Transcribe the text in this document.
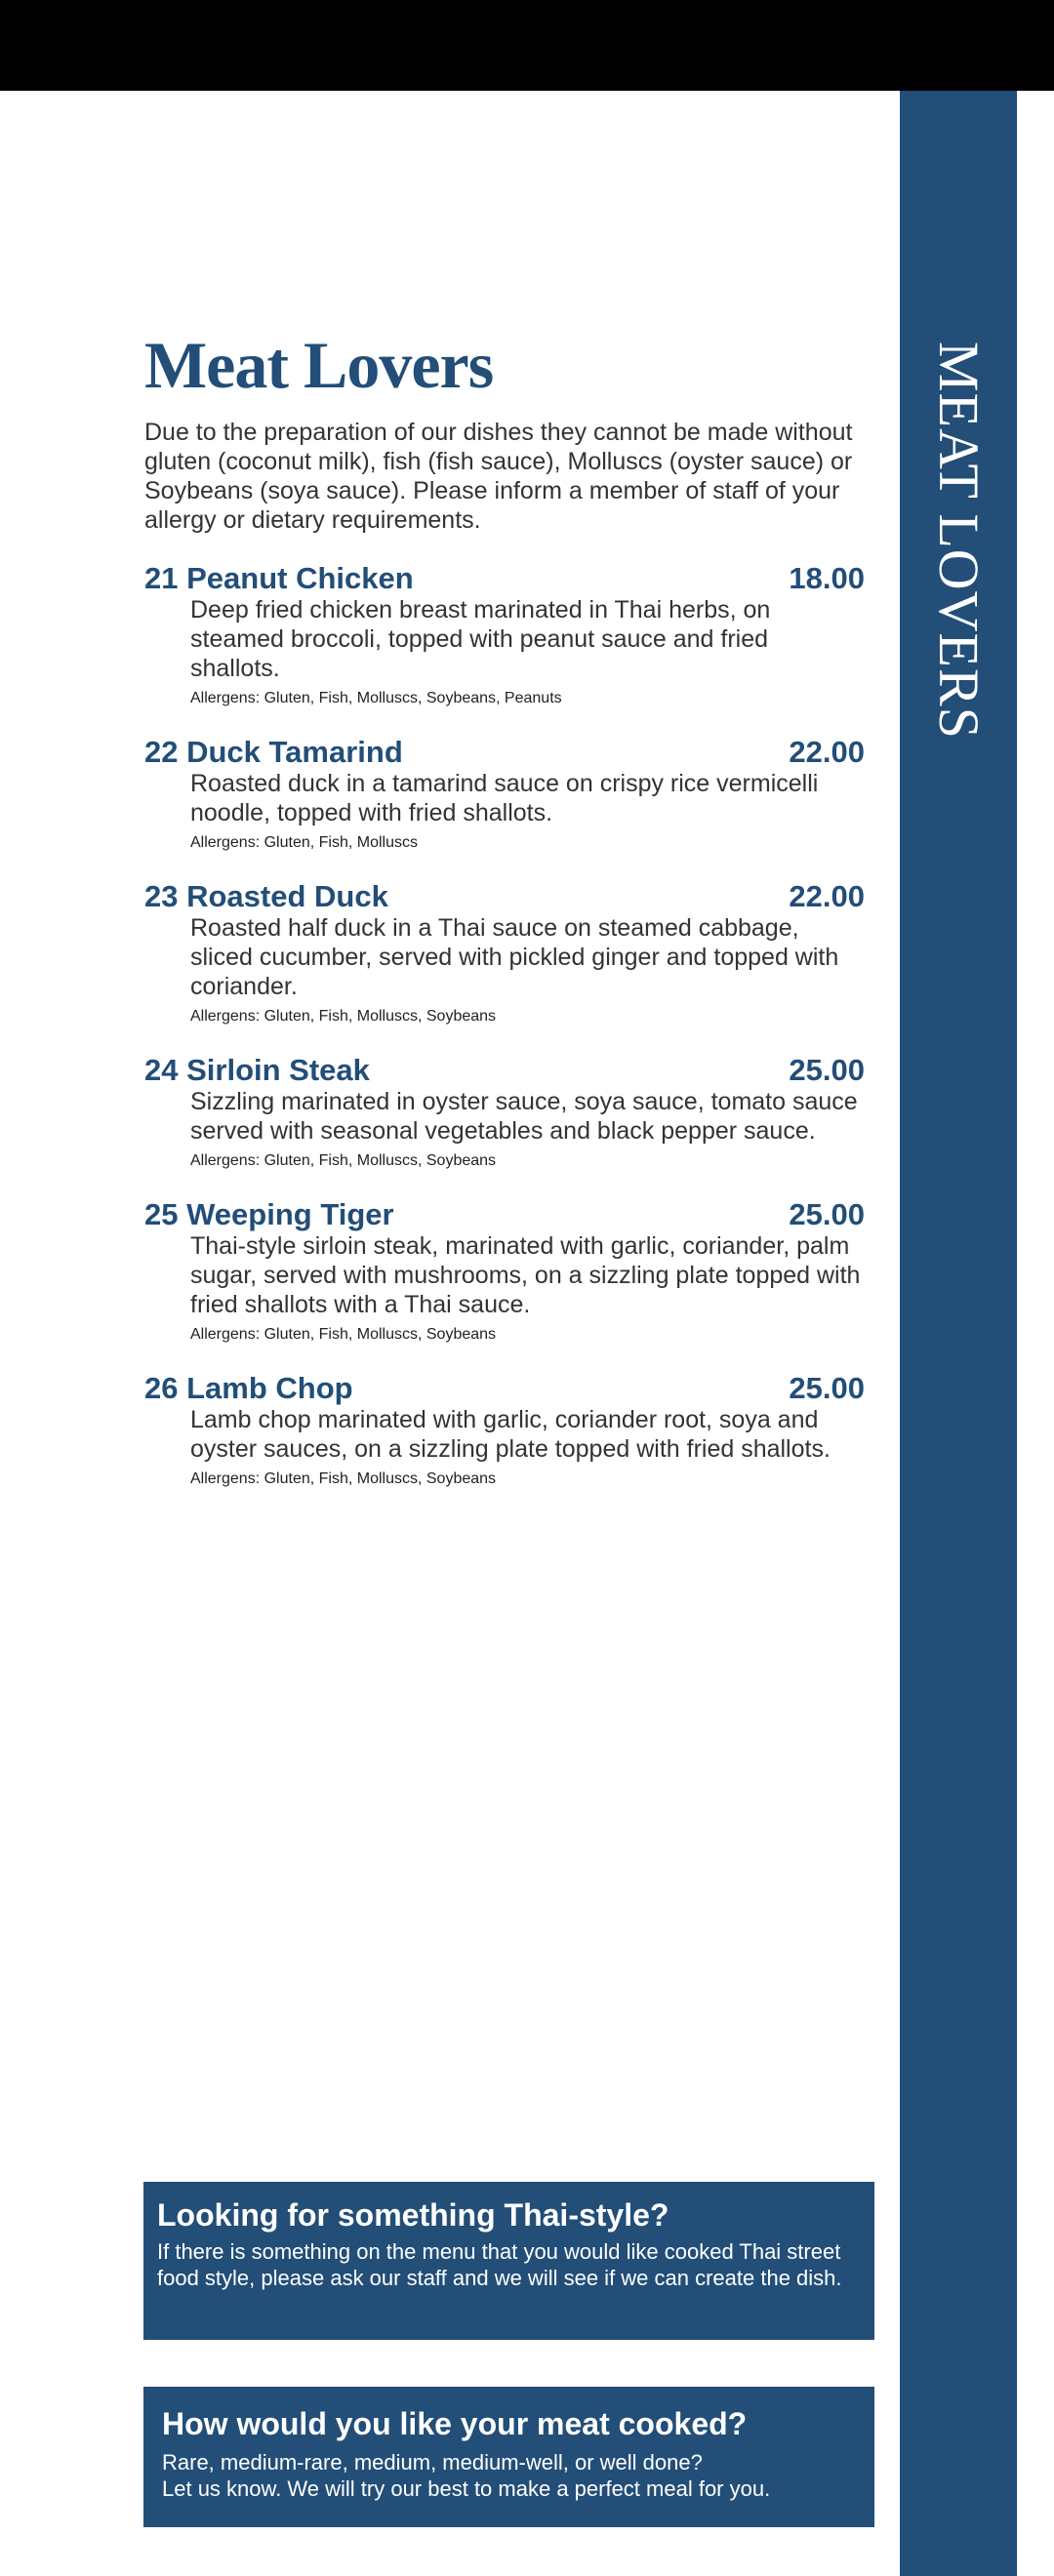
MEAT LOVERS
Meat Lovers

Due to the preparation of our dishes they cannot be made without gluten (coconut milk), fish (fish sauce), Molluscs (oyster sauce) or Soybeans (soya sauce). Please inform a member of staff of your allergy or dietary requirements.

21 Peanut Chicken	18.00

Deep fried chicken breast marinated in Thai herbs, on steamed broccoli, topped with peanut sauce and fried shallots.

Allergens: Gluten, Fish, Molluscs, Soybeans, Peanuts

22 Duck Tamarind	22.00

Roasted duck in a tamarind sauce on crispy rice vermicelli noodle, topped with fried shallots.

Allergens: Gluten, Fish, Molluscs

23 Roasted Duck	22.00

Roasted half duck in a Thai sauce on steamed cabbage, sliced cucumber, served with pickled ginger and topped with coriander.

Allergens: Gluten, Fish, Molluscs, Soybeans

24 Sirloin Steak	25.00

Sizzling marinated in oyster sauce, soya sauce, tomato sauce served with seasonal vegetables and black pepper sauce.

Allergens: Gluten, Fish, Molluscs, Soybeans

25 Weeping Tiger	25.00

Thai-style sirloin steak, marinated with garlic, coriander, palm sugar, served with mushrooms, on a sizzling plate topped with fried shallots with a Thai sauce.

Allergens: Gluten, Fish, Molluscs, Soybeans

26 Lamb Chop	25.00

Lamb chop marinated with garlic, coriander root, soya and oyster sauces, on a sizzling plate topped with fried shallots.

Allergens: Gluten, Fish, Molluscs, Soybeans

Looking for something Thai-style?

If there is something on the menu that you would like cooked Thai street food style, please ask our staff and we will see if we can create the dish.

How would you like your meat cooked?

Rare, medium-rare, medium, medium-well, or well done?
Let us know. We will try our best to make a perfect meal for you.
